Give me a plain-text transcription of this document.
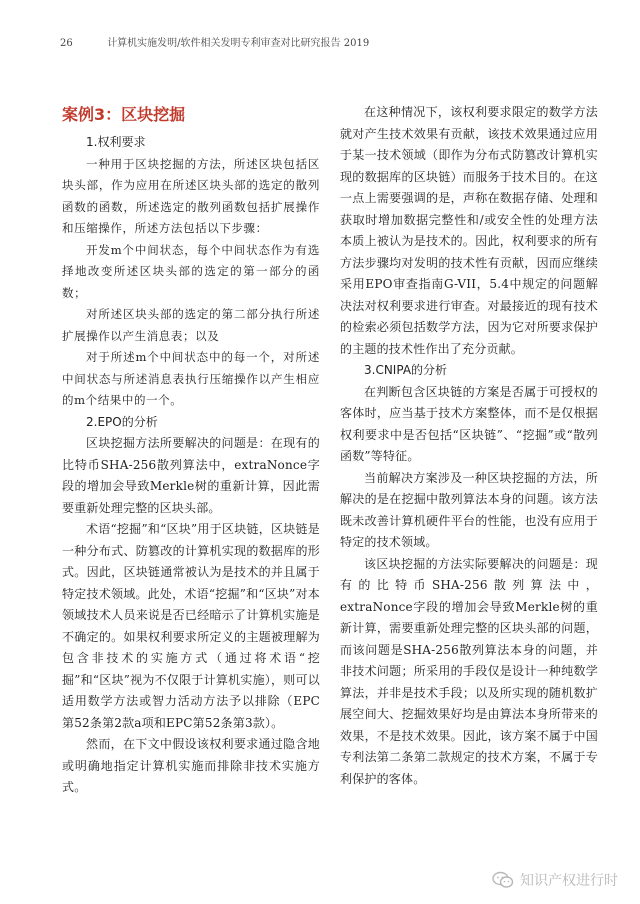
26	计算机实施发明/软件相关发明专利审查对比研究报告 2019
案例3：区块挖掘
1.权利要求

一种用于区块挖掘的方法，所述区块包括区块头部，作为应用在所述区块头部的选定的散列函数的函数，所述选定的散列函数包括扩展操作和压缩操作，所述方法包括以下步骤：

开发m个中间状态，每个中间状态作为有选择地改变所述区块头部的选定的第一部分的函数；

对所述区块头部的选定的第二部分执行所述扩展操作以产生消息表；以及

对于所述m个中间状态中的每一个，对所述中间状态与所述消息表执行压缩操作以产生相应的m个结果中的一个。

2.EPO的分析

区块挖掘方法所要解决的问题是：在现有的比特币SHA-256散列算法中，extraNonce字段的增加会导致Merkle树的重新计算，因此需要重新处理完整的区块头部。

术语“挖掘”和“区块”用于区块链，区块链是一种分布式、防篡改的计算机实现的数据库的形式。因此，区块链通常被认为是技术的并且属于特定技术领域。此处，术语“挖掘”和“区块”对本领域技术人员来说是否已经暗示了计算机实施是不确定的。如果权利要求所定义的主题被理解为包含非技术的实施方式（通过将术语“挖掘”和“区块”视为不仅限于计算机实施），则可以适用数学方法或智力活动方法予以排除（EPC第52条第2款a项和EPC第52条第3款）。

然而，在下文中假设该权利要求通过隐含地或明确地指定计算机实施而排除非技术实施方式。

在这种情况下，该权利要求限定的数学方法就对产生技术效果有贡献，该技术效果通过应用于某一技术领域（即作为分布式防篡改计算机实现的数据库的区块链）而服务于技术目的。在这一点上需要强调的是，声称在数据存储、处理和获取时增加数据完整性和/或安全性的处理方法本质上被认为是技术的。因此，权利要求的所有方法步骤均对发明的技术性有贡献，因而应继续采用EPO审查指南G-VII，5.4中规定的问题解决法对权利要求进行审查。对最接近的现有技术的检索必须包括数学方法，因为它对所要求保护的主题的技术性作出了充分贡献。

3.CNIPA的分析

在判断包含区块链的方案是否属于可授权的客体时，应当基于技术方案整体，而不是仅根据权利要求中是否包括“区块链”、“挖掘”或“散列函数”等特征。

当前解决方案涉及一种区块挖掘的方法，所解决的是在挖掘中散列算法本身的问题。该方法既未改善计算机硬件平台的性能，也没有应用于特定的技术领域。

该区块挖掘的方法实际要解决的问题是：现有的比特币SHA-256散列算法中，extraNonce字段的增加会导致Merkle树的重新计算，需要重新处理完整的区块头部的问题，而该问题是SHA-256散列算法本身的问题，并非技术问题；所采用的手段仅是设计一种纯数学算法，并非是技术手段；以及所实现的随机数扩展空间大、挖掘效果好均是由算法本身所带来的效果，不是技术效果。因此，该方案不属于中国专利法第二条第二款规定的技术方案，不属于专利保护的客体。

知识产权进行时
